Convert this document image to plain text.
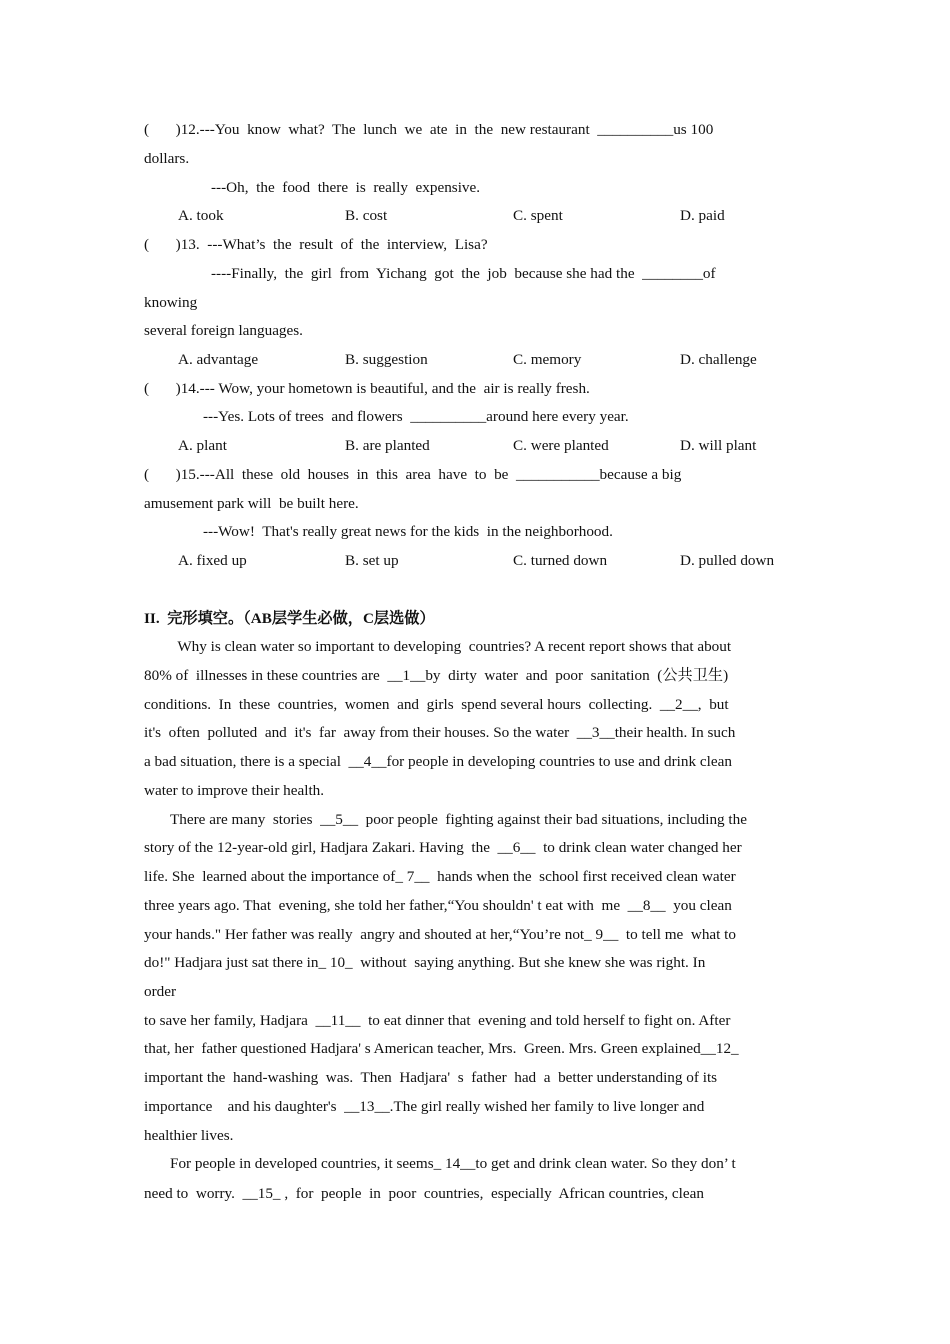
(       )12.---You  know  what?  The  lunch  we  ate  in  the  new restaurant  __________us 100
dollars.
---Oh,  the  food  there  is  really  expensive.
A. took	B. cost	C. spent	D. paid
(       )13.  ---What’s  the  result  of  the  interview,  Lisa?
----Finally,  the  girl  from  Yichang  got  the  job  because she had the  ________of
knowing
several foreign languages.
A. advantage	B. suggestion	C. memory	D. challenge
(       )14.--- Wow, your hometown is beautiful, and the  air is really fresh.
---Yes. Lots of trees  and flowers  __________around here every year.
A. plant	B. are planted	C. were planted	D. will plant
(       )15.---All  these  old  houses  in  this  area  have  to  be  ___________because a big
amusement park will  be built here.
---Wow!  That's really great news for the kids  in the neighborhood.
A. fixed up	B. set up	C. turned down	D. pulled down
II.  完形填空。（AB层学生必做，C层选做）
Why is clean water so important to developing  countries? A recent report shows that about
80% of  illnesses in these countries are  __1__by  dirty  water  and  poor  sanitation  (公共卫生)
conditions.  In  these  countries,  women  and  girls  spend several hours  collecting.  __2__,  but
it's  often  polluted  and  it's  far  away from their houses. So the water  __3__their health. In such
a bad situation, there is a special  __4__for people in developing countries to use and drink clean
water to improve their health.
There are many  stories  __5__  poor people  fighting against their bad situations, including the
story of the 12-year-old girl, Hadjara Zakari. Having  the  __6__  to drink clean water changed her
life. She  learned about the importance of_ 7__  hands when the  school first received clean water
three years ago. That  evening, she told her father,“You shouldn' t eat with  me  __8__  you clean
your hands." Her father was really  angry and shouted at her,“You’re not_ 9__  to tell me  what to
do!" Hadjara just sat there in_ 10_  without  saying anything. But she knew she was right. In
order
to save her family, Hadjara  __11__  to eat dinner that  evening and told herself to fight on. After
that, her  father questioned Hadjara' s American teacher, Mrs.  Green. Mrs. Green explained__12_
important the  hand-washing  was.  Then  Hadjara'  s  father  had  a  better understanding of its
importance    and his daughter's  __13__.The girl really wished her family to live longer and
healthier lives.
For people in developed countries, it seems_ 14__to get and drink clean water. So they don’ t
need to  worry.  __15_ ,  for  people  in  poor  countries,  especially  African countries, clean
